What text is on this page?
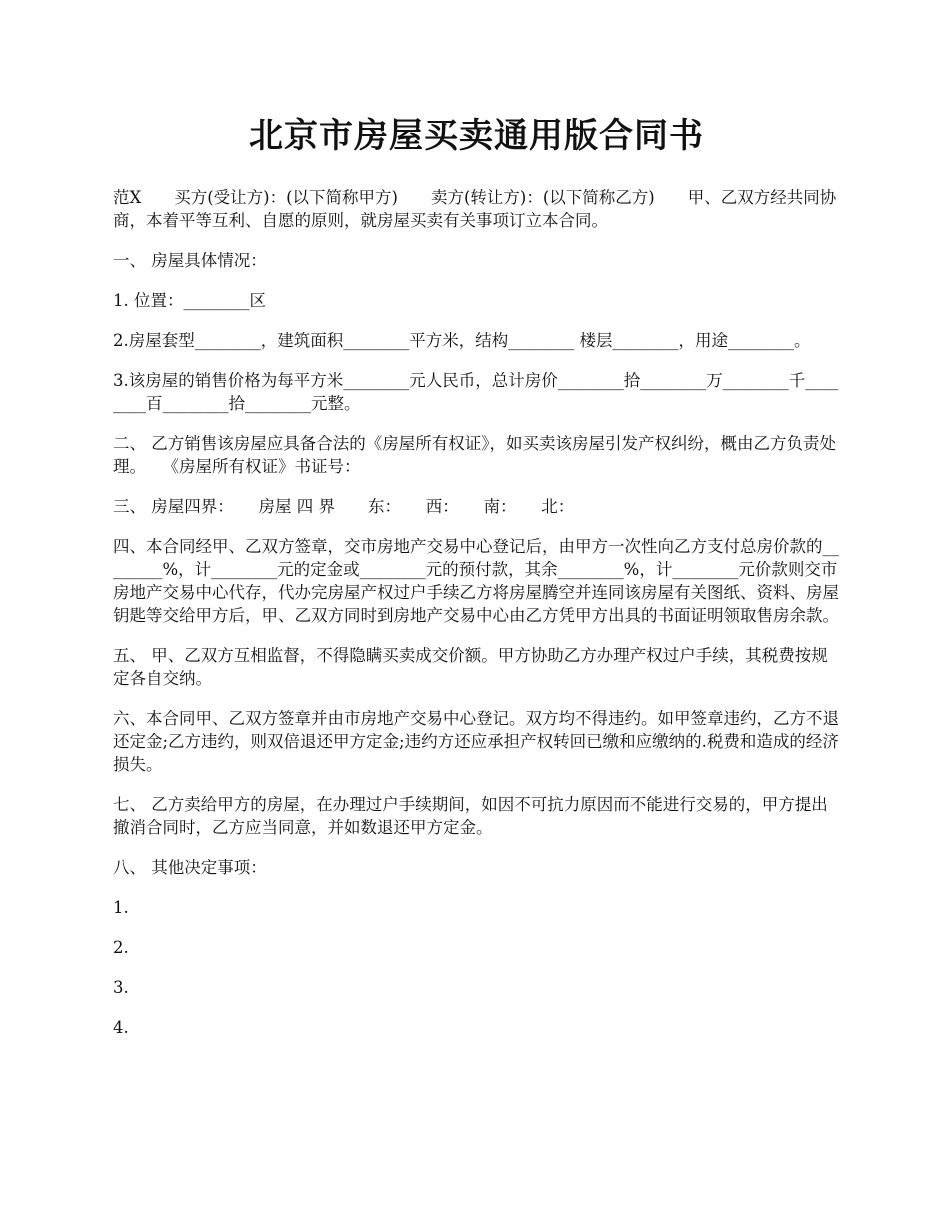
北京市房屋买卖通用版合同书

范X　　买方(受让方)：(以下简称甲方)　　卖方(转让方)：(以下简称乙方)　　甲、乙双方经共同协商，本着平等互利、自愿的原则，就房屋买卖有关事项订立本合同。

一、 房屋具体情况：

1. 位置：________区

2.房屋套型________，建筑面积________平方米，结构________ 楼层________，用途________。

3.该房屋的销售价格为每平方米________元人民币，总计房价________拾________万________千________百________拾________元整。

二、 乙方销售该房屋应具备合法的《房屋所有权证》，如买卖该房屋引发产权纠纷，概由乙方负责处理。　　《房屋所有权证》书证号：

三、 房屋四界：　　房屋 四 界　　东：　　西：　　南：　　北：

四、本合同经甲、乙双方签章，交市房地产交易中心登记后，由甲方一次性向乙方支付总房价款的________%，计________元的定金或________元的预付款，其余________%，计________元价款则交市房地产交易中心代存，代办完房屋产权过户手续乙方将房屋腾空并连同该房屋有关图纸、资料、房屋钥匙等交给甲方后，甲、乙双方同时到房地产交易中心由乙方凭甲方出具的书面证明领取售房余款。

五、 甲、乙双方互相监督，不得隐瞒买卖成交价额。甲方协助乙方办理产权过户手续，其税费按规定各自交纳。

六、本合同甲、乙双方签章并由市房地产交易中心登记。双方均不得违约。如甲签章违约，乙方不退还定金;乙方违约，则双倍退还甲方定金;违约方还应承担产权转回已缴和应缴纳的.税费和造成的经济损失。

七、 乙方卖给甲方的房屋，在办理过户手续期间，如因不可抗力原因而不能进行交易的，甲方提出撤消合同时，乙方应当同意，并如数退还甲方定金。

八、 其他决定事项：

1.

2.

3.

4.
